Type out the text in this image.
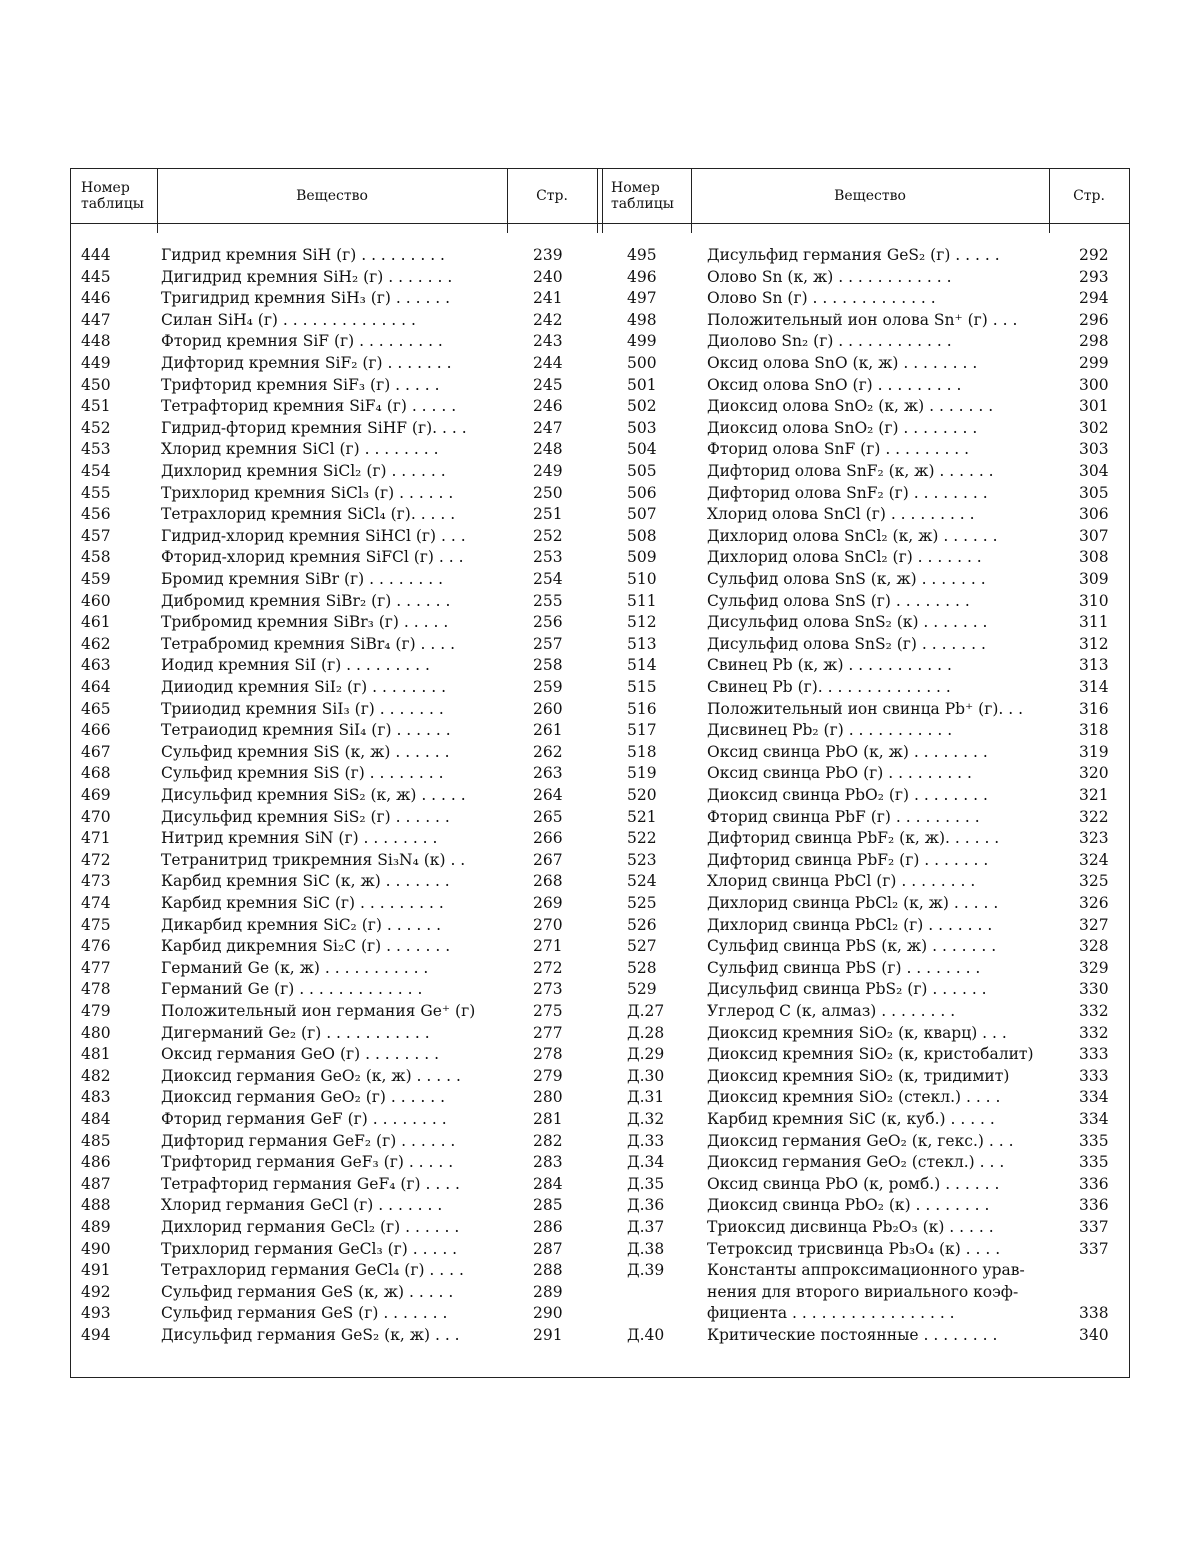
Номер таблицы	Вещество	Стр.	Номер таблицы	Вещество	Стр.
444	Гидрид кремния SiH (г) . . . . . . . . .	239
445	Дигидрид кремния SiH₂ (г) . . . . . . .	240
446	Тригидрид кремния SiH₃ (г) . . . . . .	241
447	Силан SiH₄ (г) . . . . . . . . . . . . . .	242
448	Фторид кремния SiF (г) . . . . . . . . .	243
449	Дифторид кремния SiF₂ (г) . . . . . . .	244
450	Трифторид кремния SiF₃ (г) . . . . .	245
451	Тетрафторид кремния SiF₄ (г) . . . . .	246
452	Гидрид-фторид кремния SiHF (г). . . .	247
453	Хлорид кремния SiCl (г) . . . . . . . .	248
454	Дихлорид кремния SiCl₂ (г) . . . . . .	249
455	Трихлорид кремния SiCl₃ (г) . . . . . .	250
456	Тетрахлорид кремния SiCl₄ (г). . . . .	251
457	Гидрид-хлорид кремния SiHCl (г) . . .	252
458	Фторид-хлорид кремния SiFCl (г) . . .	253
459	Бромид кремния SiBr (г) . . . . . . . .	254
460	Дибромид кремния SiBr₂ (г) . . . . . .	255
461	Трибромид кремния SiBr₃ (г) . . . . .	256
462	Тетрабромид кремния SiBr₄ (г) . . . .	257
463	Иодид кремния SiI (г) . . . . . . . . .	258
464	Дииодид кремния SiI₂ (г) . . . . . . . .	259
465	Трииодид кремния SiI₃ (г) . . . . . . .	260
466	Тетраиодид кремния SiI₄ (г) . . . . . .	261
467	Сульфид кремния SiS (к, ж) . . . . . .	262
468	Сульфид кремния SiS (г) . . . . . . . .	263
469	Дисульфид кремния SiS₂ (к, ж) . . . . .	264
470	Дисульфид кремния SiS₂ (г) . . . . . .	265
471	Нитрид кремния SiN (г) . . . . . . . .	266
472	Тетранитрид трикремния Si₃N₄ (к) . .	267
473	Карбид кремния SiC (к, ж) . . . . . . .	268
474	Карбид кремния SiC (г) . . . . . . . . .	269
475	Дикарбид кремния SiC₂ (г) . . . . . .	270
476	Карбид дикремния Si₂C (г) . . . . . . .	271
477	Германий Ge (к, ж) . . . . . . . . . . .	272
478	Германий Ge (г) . . . . . . . . . . . . .	273
479	Положительный ион германия Ge⁺ (г)	275
480	Дигерманий Ge₂ (г) . . . . . . . . . . .	277
481	Оксид германия GeO (г) . . . . . . . .	278
482	Диоксид германия GeO₂ (к, ж) . . . . .	279
483	Диоксид германия GeO₂ (г) . . . . . .	280
484	Фторид германия GeF (г) . . . . . . . .	281
485	Дифторид германия GeF₂ (г) . . . . . .	282
486	Трифторид германия GeF₃ (г) . . . . .	283
487	Тетрафторид германия GeF₄ (г) . . . .	284
488	Хлорид германия GeCl (г) . . . . . . .	285
489	Дихлорид германия GeCl₂ (г) . . . . . .	286
490	Трихлорид германия GeCl₃ (г) . . . . .	287
491	Тетрахлорид германия GeCl₄ (г) . . . .	288
492	Сульфид германия GeS (к, ж) . . . . .	289
493	Сульфид германия GeS (г) . . . . . . .	290
494	Дисульфид германия GeS₂ (к, ж) . . .	291
495	Дисульфид германия GeS₂ (г) . . . . .	292
496	Олово Sn (к, ж) . . . . . . . . . . . .	293
497	Олово Sn (г) . . . . . . . . . . . . .	294
498	Положительный ион олова Sn⁺ (г) . . .	296
499	Диолово Sn₂ (г) . . . . . . . . . . . .	298
500	Оксид олова SnO (к, ж) . . . . . . . .	299
501	Оксид олова SnO (г) . . . . . . . . .	300
502	Диоксид олова SnO₂ (к, ж) . . . . . . .	301
503	Диоксид олова SnO₂ (г) . . . . . . . .	302
504	Фторид олова SnF (г) . . . . . . . . .	303
505	Дифторид олова SnF₂ (к, ж) . . . . . .	304
506	Дифторид олова SnF₂ (г) . . . . . . . .	305
507	Хлорид олова SnCl (г) . . . . . . . . .	306
508	Дихлорид олова SnCl₂ (к, ж) . . . . . .	307
509	Дихлорид олова SnCl₂ (г) . . . . . . .	308
510	Сульфид олова SnS (к, ж) . . . . . . .	309
511	Сульфид олова SnS (г) . . . . . . . .	310
512	Дисульфид олова SnS₂ (к) . . . . . . .	311
513	Дисульфид олова SnS₂ (г) . . . . . . .	312
514	Свинец Pb (к, ж) . . . . . . . . . . .	313
515	Свинец Pb (г). . . . . . . . . . . . . .	314
516	Положительный ион свинца Pb⁺ (г). . .	316
517	Дисвинец Pb₂ (г) . . . . . . . . . . .	318
518	Оксид свинца PbO (к, ж) . . . . . . . .	319
519	Оксид свинца PbO (г) . . . . . . . . .	320
520	Диоксид свинца PbO₂ (г) . . . . . . . .	321
521	Фторид свинца PbF (г) . . . . . . . . .	322
522	Дифторид свинца PbF₂ (к, ж). . . . . .	323
523	Дифторид свинца PbF₂ (г) . . . . . . .	324
524	Хлорид свинца PbCl (г) . . . . . . . .	325
525	Дихлорид свинца PbCl₂ (к, ж) . . . . .	326
526	Дихлорид свинца PbCl₂ (г) . . . . . . .	327
527	Сульфид свинца PbS (к, ж) . . . . . . .	328
528	Сульфид свинца PbS (г) . . . . . . . .	329
529	Дисульфид свинца PbS₂ (г) . . . . . .	330
Д.27	Углерод C (к, алмаз) . . . . . . . .	332
Д.28	Диоксид кремния SiO₂ (к, кварц) . . .	332
Д.29	Диоксид кремния SiO₂ (к, кристобалит)	333
Д.30	Диоксид кремния SiO₂ (к, тридимит)	333
Д.31	Диоксид кремния SiO₂ (стекл.) . . . .	334
Д.32	Карбид кремния SiC (к, куб.) . . . . .	334
Д.33	Диоксид германия GeO₂ (к, гекс.) . . .	335
Д.34	Диоксид германия GeO₂ (стекл.) . . .	335
Д.35	Оксид свинца PbO (к, ромб.) . . . . . .	336
Д.36	Диоксид свинца PbO₂ (к) . . . . . . . .	336
Д.37	Триоксид дисвинца Pb₂O₃ (к) . . . . .	337
Д.38	Тетроксид трисвинца Pb₃O₄ (к) . . . .	337
Д.39	Константы аппроксимационного урав-
нения для второго вириального коэф-
фициента . . . . . . . . . . . . . . . . .	338
Д.40	Критические постоянные . . . . . . . .	340
